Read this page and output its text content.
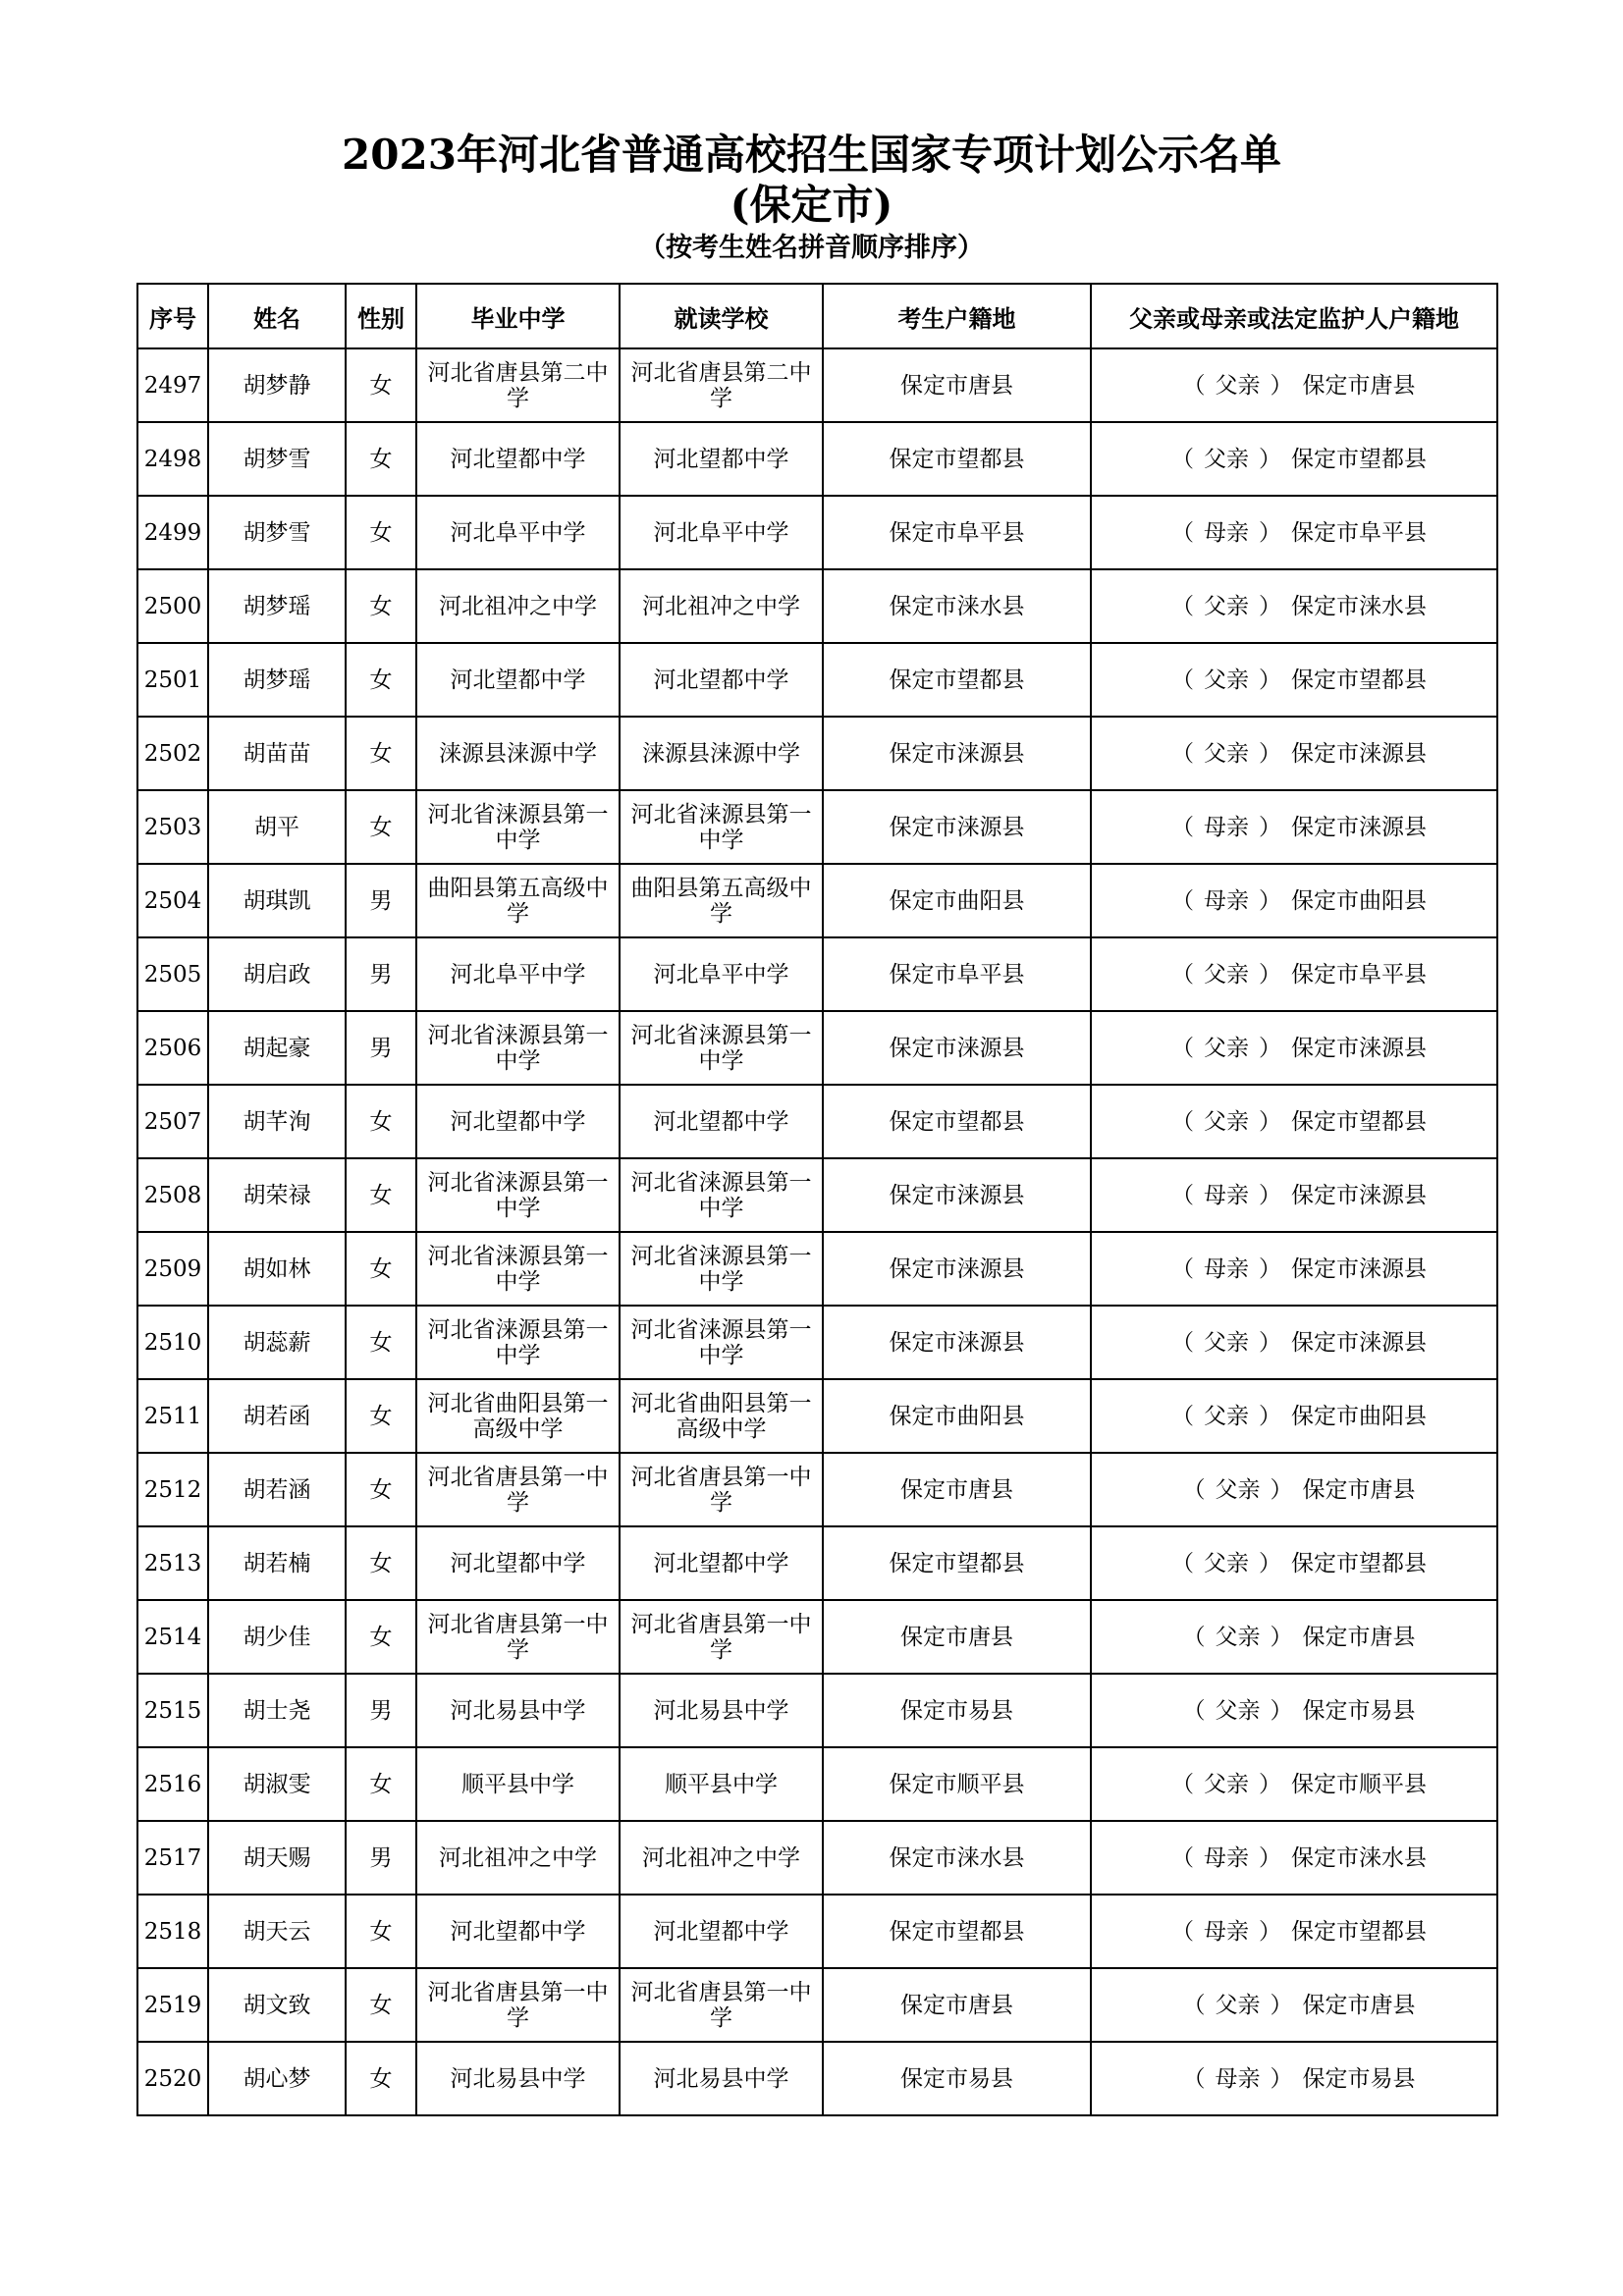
2023年河北省普通高校招生国家专项计划公示名单
(保定市)
（按考生姓名拼音顺序排序）
序号	姓名	性别	毕业中学	就读学校	考生户籍地	父亲或母亲或法定监护人户籍地
2497	胡梦静	女	河北省唐县第二中学	河北省唐县第二中学	保定市唐县	（ 父亲 ） 保定市唐县
2498	胡梦雪	女	河北望都中学	河北望都中学	保定市望都县	（ 父亲 ） 保定市望都县
2499	胡梦雪	女	河北阜平中学	河北阜平中学	保定市阜平县	（ 母亲 ） 保定市阜平县
2500	胡梦瑶	女	河北祖冲之中学	河北祖冲之中学	保定市涞水县	（ 父亲 ） 保定市涞水县
2501	胡梦瑶	女	河北望都中学	河北望都中学	保定市望都县	（ 父亲 ） 保定市望都县
2502	胡苗苗	女	涞源县涞源中学	涞源县涞源中学	保定市涞源县	（ 父亲 ） 保定市涞源县
2503	胡平	女	河北省涞源县第一中学	河北省涞源县第一中学	保定市涞源县	（ 母亲 ） 保定市涞源县
2504	胡琪凯	男	曲阳县第五高级中学	曲阳县第五高级中学	保定市曲阳县	（ 母亲 ） 保定市曲阳县
2505	胡启政	男	河北阜平中学	河北阜平中学	保定市阜平县	（ 父亲 ） 保定市阜平县
2506	胡起豪	男	河北省涞源县第一中学	河北省涞源县第一中学	保定市涞源县	（ 父亲 ） 保定市涞源县
2507	胡芊洵	女	河北望都中学	河北望都中学	保定市望都县	（ 父亲 ） 保定市望都县
2508	胡荣禄	女	河北省涞源县第一中学	河北省涞源县第一中学	保定市涞源县	（ 母亲 ） 保定市涞源县
2509	胡如林	女	河北省涞源县第一中学	河北省涞源县第一中学	保定市涞源县	（ 母亲 ） 保定市涞源县
2510	胡蕊薪	女	河北省涞源县第一中学	河北省涞源县第一中学	保定市涞源县	（ 父亲 ） 保定市涞源县
2511	胡若函	女	河北省曲阳县第一高级中学	河北省曲阳县第一高级中学	保定市曲阳县	（ 父亲 ） 保定市曲阳县
2512	胡若涵	女	河北省唐县第一中学	河北省唐县第一中学	保定市唐县	（ 父亲 ） 保定市唐县
2513	胡若楠	女	河北望都中学	河北望都中学	保定市望都县	（ 父亲 ） 保定市望都县
2514	胡少佳	女	河北省唐县第一中学	河北省唐县第一中学	保定市唐县	（ 父亲 ） 保定市唐县
2515	胡士尧	男	河北易县中学	河北易县中学	保定市易县	（ 父亲 ） 保定市易县
2516	胡淑雯	女	顺平县中学	顺平县中学	保定市顺平县	（ 父亲 ） 保定市顺平县
2517	胡天赐	男	河北祖冲之中学	河北祖冲之中学	保定市涞水县	（ 母亲 ） 保定市涞水县
2518	胡天云	女	河北望都中学	河北望都中学	保定市望都县	（ 母亲 ） 保定市望都县
2519	胡文致	女	河北省唐县第一中学	河北省唐县第一中学	保定市唐县	（ 父亲 ） 保定市唐县
2520	胡心梦	女	河北易县中学	河北易县中学	保定市易县	（ 母亲 ） 保定市易县
